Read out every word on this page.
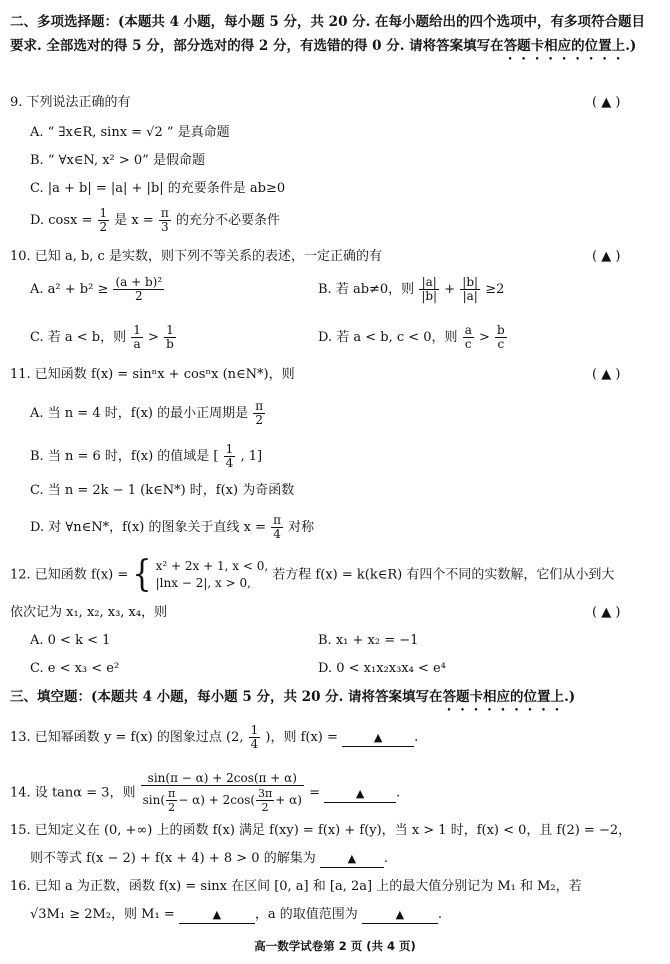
二、多项选择题：(本题共 4 小题，每小题 5 分，共 20 分. 在每小题给出的四个选项中，有多项符合题目要求. 全部选对的得 5 分，部分选对的得 2 分，有选错的得 0 分. 请将答案填写在答题卡相应的位置上.)
9. 下列说法正确的有	( ▲ )
A. “ ∃x∈R, sinx = √2 ” 是真命题
B. “ ∀x∈N, x² > 0” 是假命题
C. |a + b| = |a| + |b| 的充要条件是 ab≥0
D. $\cos x = \frac{1}{2}$ 是 $x = \frac{\pi}{3}$ 的充分不必要条件
10. 已知 a, b, c 是实数，则下列不等关系的表述，一定正确的有	( ▲ )
A. $a^2 + b^2 \ge \frac{\text{(a + b)²}}{2}$	B. 若 ab≠0，则 $\frac{|a|}{|b|} + \frac{|b|}{|a|} \ge 2$
C. 若 a < b，则 $\frac{1}{a} > \frac{1}{b}$	D. 若 a < b, c < 0，则 $\frac{a}{c} > \frac{b}{c}$
11. 已知函数 f(x) = sinⁿx + cosⁿx (n∈N*)，则	( ▲ )
A. 当 n = 4 时，f(x) 的最小正周期是 $\frac{\pi}{2}$
B. 当 n = 6 时，f(x) 的值域是 [ $\frac{1}{4}$ , 1]
C. 当 n = 2k − 1 (k∈N*) 时，f(x) 为奇函数
D. 对 ∀n∈N*，f(x) 的图象关于直线 $x = \frac{\pi}{4}$ 对称
12. 已知函数 f(x) = { x² + 2x + 1, x < 0,
|lnx − 2|, x > 0,
若方程 f(x) = k(k∈R) 有四个不同的实数解，它们从小到大
依次记为 x₁, x₂, x₃, x₄，则	( ▲ )
A. 0 < k < 1	B. x₁ + x₂ = −1
C. e < x₃ < e²	D. 0 < x₁x₂x₃x₄ < e⁴
三、填空题：(本题共 4 小题，每小题 5 分，共 20 分. 请将答案填写在答题卡相应的位置上.)
13. 已知幂函数 y = f(x) 的图象过点 (2, $\frac{1}{4}$ )，则 f(x) =	▲ .
14. 设 tanα = 3，则 $\frac{\sin(\pi - \alpha) + 2\cos(\pi + \alpha)}{\sin( \frac{\pi}{2} - \alpha) + 2\cos( \frac{3\pi}{2} + \alpha)}$ =	▲ .
15. 已知定义在 (0, +∞) 上的函数 f(x) 满足 f(xy) = f(x) + f(y)，当 x > 1 时，f(x) < 0，且 f(2) = −2，
则不等式 f(x − 2) + f(x + 4) + 8 > 0 的解集为	▲ .
16. 已知 a 为正数，函数 f(x) = sinx 在区间 [0, a] 和 [a, 2a] 上的最大值分别记为 M₁ 和 M₂，若
√3M₁ ≥ 2M₂，则 M₁ =	▲	，a 的取值范围为	▲	.
高一数学试卷第 2 页 (共 4 页)
